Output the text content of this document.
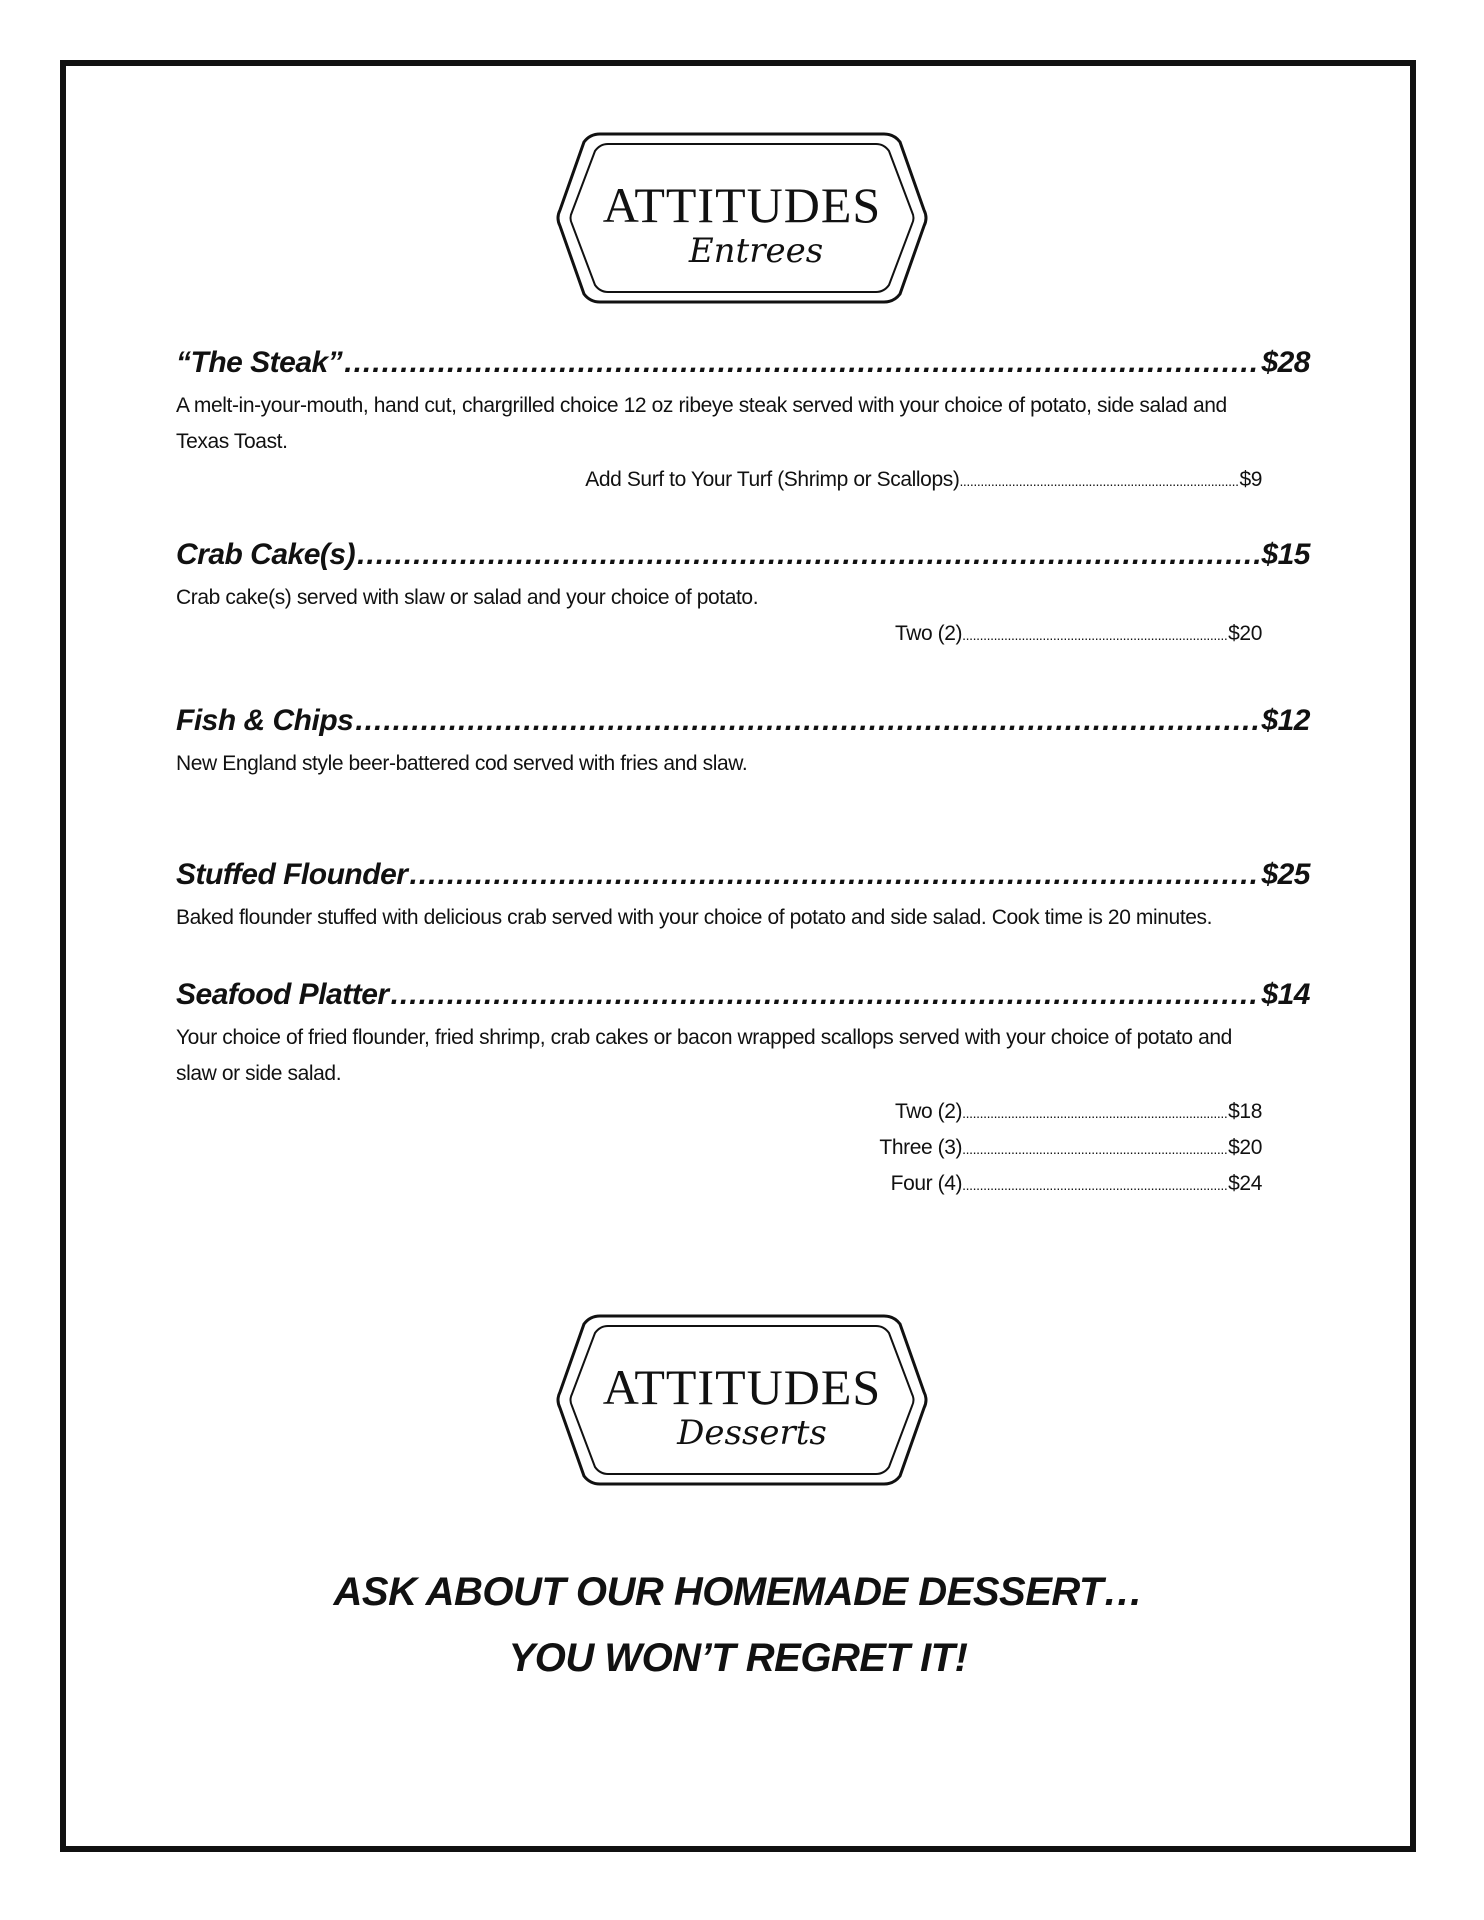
ATTITUDES
Entrees
“The Steak” .....	$28
A melt-in-your-mouth, hand cut, chargrilled choice 12 oz ribeye steak served with your choice of potato, side salad and Texas Toast.
Add Surf to Your Turf (Shrimp or Scallops) .....	$9
Crab Cake(s) .....	$15
Crab cake(s) served with slaw or salad and your choice of potato.
Two (2) .....	$20
Fish & Chips .....	$12
New England style beer-battered cod served with fries and slaw.
Stuffed Flounder .....	$25
Baked flounder stuffed with delicious crab served with your choice of potato and side salad. Cook time is 20 minutes.
Seafood Platter .....	$14
Your choice of fried flounder, fried shrimp, crab cakes or bacon wrapped scallops served with your choice of potato and slaw or side salad.
Two (2) .....	$18
Three (3) .....	$20
Four (4) .....	$24
ATTITUDES
Desserts
ASK ABOUT OUR HOMEMADE DESSERT…
YOU WON’T REGRET IT!
